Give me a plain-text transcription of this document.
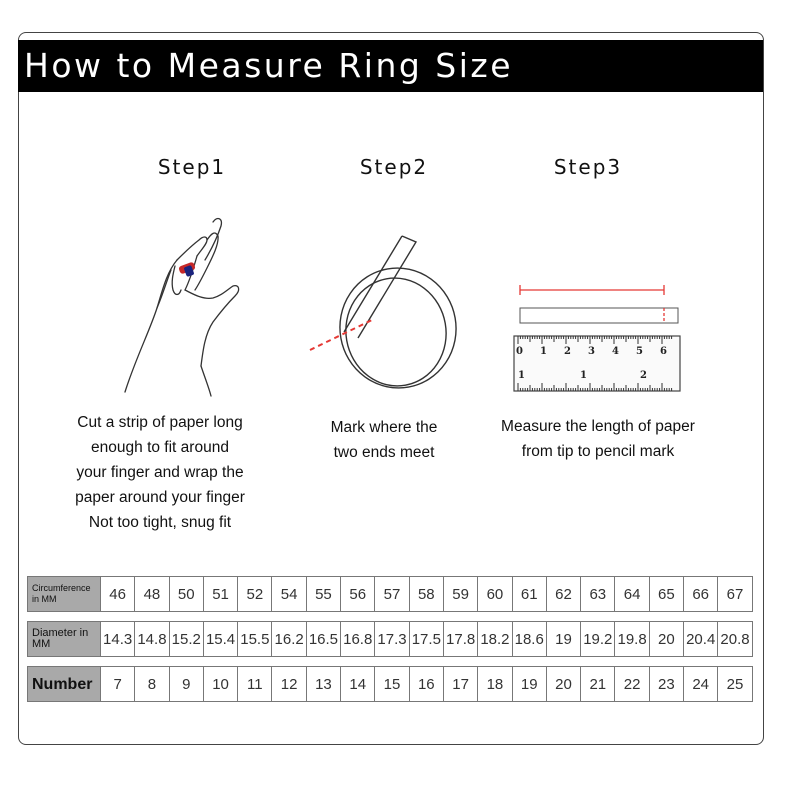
How to Measure Ring Size
Step1	Step2	Step3
0 1 2 3 4 5 6
1	1	2
Cut a strip of paper long
enough to fit around
your finger and wrap the
paper around your finger
Not too tight, snug fit
Mark where the
two ends meet
Measure the length of paper
from tip to pencil mark
Circumference in MM	46	48	50	51	52	54	55	56	57	58	59	60	61	62	63	64	65	66	67
Diameter in MM	14.3	14.8	15.2	15.4	15.5	16.2	16.5	16.8	17.3	17.5	17.8	18.2	18.6	19	19.2	19.8	20	20.4	20.8
Number	7	8	9	10	11	12	13	14	15	16	17	18	19	20	21	22	23	24	25
